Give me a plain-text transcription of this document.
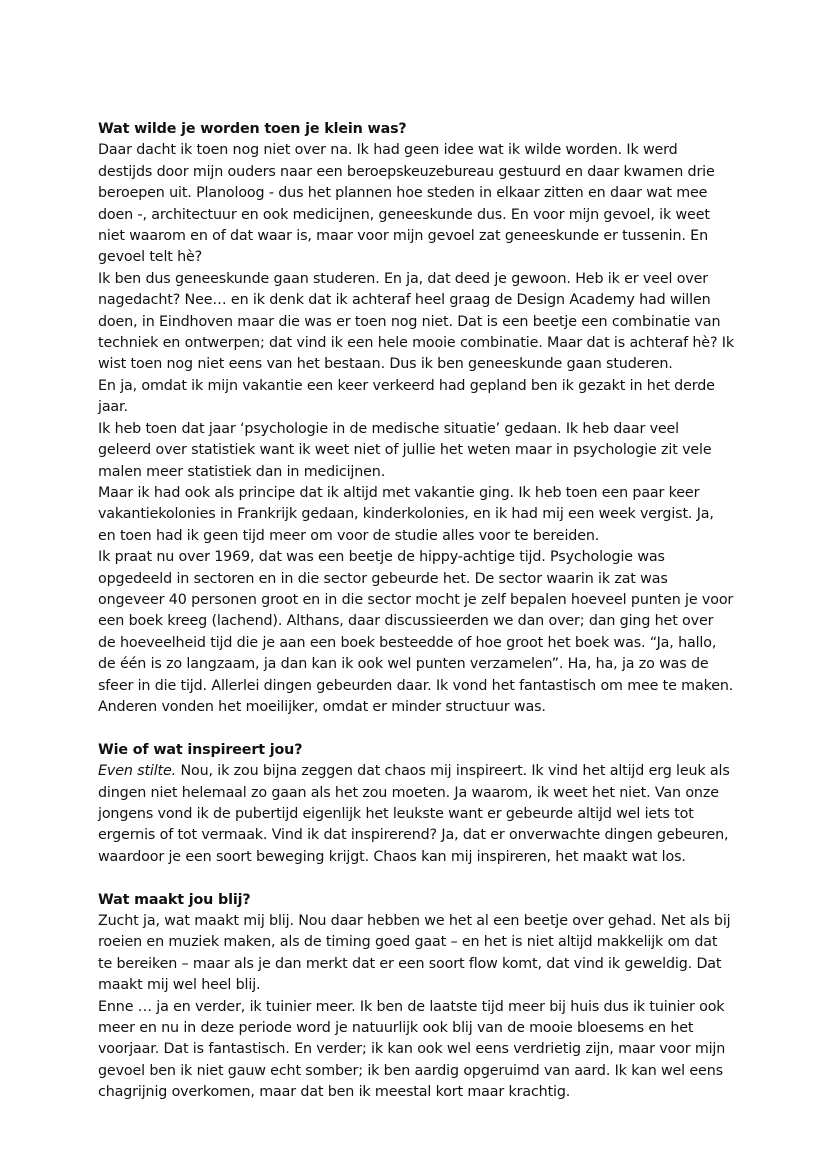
Wat wilde je worden toen je klein was?

Daar dacht ik toen nog niet over na. Ik had geen idee wat ik wilde worden. Ik werd destijds door mijn ouders naar een beroepskeuzebureau gestuurd en daar kwamen drie beroepen uit. Planoloog - dus het plannen hoe steden in elkaar zitten en daar wat mee doen -, architectuur en ook medicijnen, geneeskunde dus. En voor mijn gevoel, ik weet niet waarom en of dat waar is, maar voor mijn gevoel zat geneeskunde er tussenin. En gevoel telt hè?

Ik ben dus geneeskunde gaan studeren. En ja, dat deed je gewoon. Heb ik er veel over nagedacht? Nee… en ik denk dat ik achteraf heel graag de Design Academy had willen doen, in Eindhoven maar die was er toen nog niet. Dat is een beetje een combinatie van techniek en ontwerpen; dat vind ik een hele mooie combinatie. Maar dat is achteraf hè? Ik wist toen nog niet eens van het bestaan. Dus ik ben geneeskunde gaan studeren.

En ja, omdat ik mijn vakantie een keer verkeerd had gepland ben ik gezakt in het derde jaar.

Ik heb toen dat jaar ‘psychologie in de medische situatie’ gedaan. Ik heb daar veel geleerd over statistiek want ik weet niet of jullie het weten maar in psychologie zit vele malen meer statistiek dan in medicijnen.

Maar ik had ook als principe dat ik altijd met vakantie ging. Ik heb toen een paar keer vakantiekolonies in Frankrijk gedaan, kinderkolonies, en ik had mij een week vergist. Ja, en toen had ik geen tijd meer om voor de studie alles voor te bereiden.

Ik praat nu over 1969, dat was een beetje de hippy-achtige tijd. Psychologie was opgedeeld in sectoren en in die sector gebeurde het. De sector waarin ik zat was ongeveer 40 personen groot en in die sector mocht je zelf bepalen hoeveel punten je voor een boek kreeg (lachend). Althans, daar discussieerden we dan over; dan ging het over de hoeveelheid tijd die je aan een boek besteedde of hoe groot het boek was. “Ja, hallo, de één is zo langzaam, ja dan kan ik ook wel punten verzamelen”. Ha, ha, ja zo was de sfeer in die tijd. Allerlei dingen gebeurden daar. Ik vond het fantastisch om mee te maken. Anderen vonden het moeilijker, omdat er minder structuur was.

Wie of wat inspireert jou?

Even stilte. Nou, ik zou bijna zeggen dat chaos mij inspireert. Ik vind het altijd erg leuk als dingen niet helemaal zo gaan als het zou moeten. Ja waarom, ik weet het niet. Van onze jongens vond ik de pubertijd eigenlijk het leukste want er gebeurde altijd wel iets tot ergernis of tot vermaak. Vind ik dat inspirerend? Ja, dat er onverwachte dingen gebeuren, waardoor je een soort beweging krijgt. Chaos kan mij inspireren, het maakt wat los.

Wat maakt jou blij?

Zucht ja, wat maakt mij blij. Nou daar hebben we het al een beetje over gehad. Net als bij roeien en muziek maken, als de timing goed gaat – en het is niet altijd makkelijk om dat te bereiken – maar als je dan merkt dat er een soort flow komt, dat vind ik geweldig. Dat maakt mij wel heel blij.

Enne … ja en verder, ik tuinier meer. Ik ben de laatste tijd meer bij huis dus ik tuinier ook meer en nu in deze periode word je natuurlijk ook blij van de mooie bloesems en het voorjaar. Dat is fantastisch. En verder; ik kan ook wel eens verdrietig zijn, maar voor mijn gevoel ben ik niet gauw echt somber; ik ben aardig opgeruimd van aard. Ik kan wel eens chagrijnig overkomen, maar dat ben ik meestal kort maar krachtig.
